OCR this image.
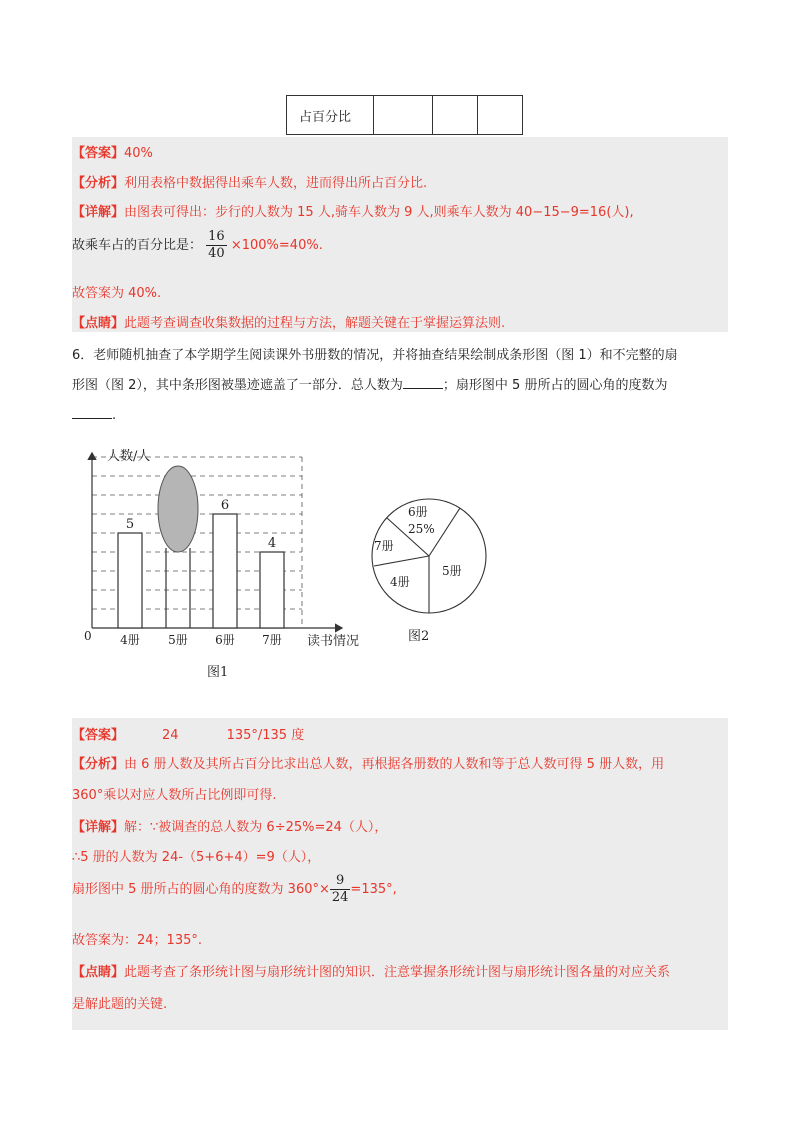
占百分比			
【答案】40%
【分析】利用表格中数据得出乘车人数，进而得出所占百分比.
【详解】由图表可得出：步行的人数为 15 人,骑车人数为 9 人,则乘车人数为 40−15−9=16(人),
故乘车占的百分比是： $\frac{16}{40} \times 100\%=40\%$.
故答案为 40%.
【点睛】此题考查调查收集数据的过程与方法，解题关键在于掌握运算法则.
6．老师随机抽查了本学期学生阅读课外书册数的情况，并将抽查结果绘制成条形图（图 1）和不完整的扇
形图（图 2），其中条形图被墨迹遮盖了一部分．总人数为	；扇形图中 5 册所占的圆心角的度数为
.
5
4册 5册
6
6册
4
7册
人数/人
读书情况
0
图1
6册
25%
5册
4册
7册
图2
【答案】	24	135°/135 度
【分析】由 6 册人数及其所占百分比求出总人数，再根据各册数的人数和等于总人数可得 5 册人数，用
360°乘以对应人数所占比例即可得.
【详解】解：∵被调查的总人数为 6÷25%=24（人），
∴5 册的人数为 24-（5+6+4）=9（人），
扇形图中 5 册所占的圆心角的度数为 $360^\circ\times \frac{9}{24} =135^\circ$,
故答案为：24；135°.
【点睛】此题考查了条形统计图与扇形统计图的知识．注意掌握条形统计图与扇形统计图各量的对应关系
是解此题的关键.
